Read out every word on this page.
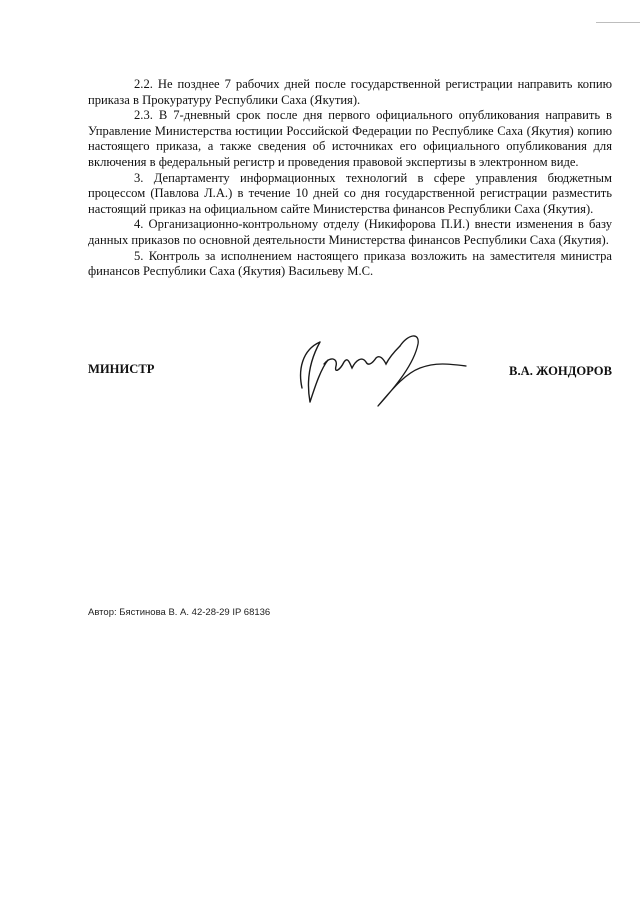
2.2. Не позднее 7 рабочих дней после государственной регистрации направить копию приказа в Прокуратуру Республики Саха (Якутия).

2.3. В 7-дневный срок после дня первого официального опубликования направить в Управление Министерства юстиции Российской Федерации по Республике Саха (Якутия) копию настоящего приказа, а также сведения об источниках его официального опубликования для включения в федеральный регистр и проведения правовой экспертизы в электронном виде.

3. Департаменту информационных технологий в сфере управления бюджетным процессом (Павлова Л.А.) в течение 10 дней со дня государственной регистрации разместить настоящий приказ на официальном сайте Министерства финансов Республики Саха (Якутия).

4. Организационно-контрольному отделу (Никифорова П.И.) внести изменения в базу данных приказов по основной деятельности Министерства финансов Республики Саха (Якутия).

5. Контроль за исполнением настоящего приказа возложить на заместителя министра финансов Республики Саха (Якутия) Васильеву М.С.

МИНИСТР	В.А. ЖОНДОРОВ
Автор: Бястинова В. А. 42-28-29 IP 68136
